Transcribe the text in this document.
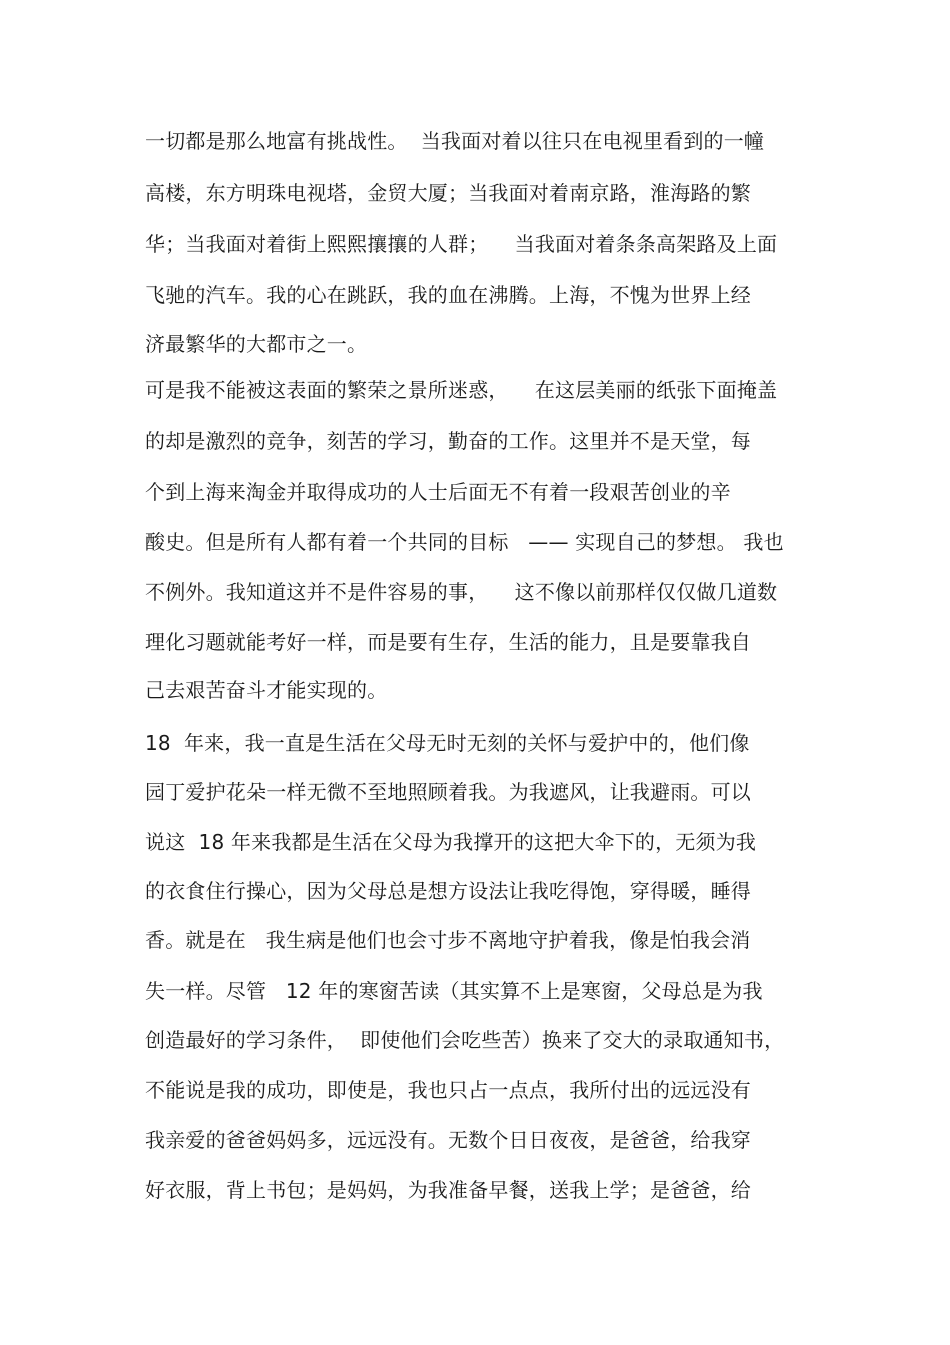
一切都是那么地富有挑战性。  当我面对着以往只在电视里看到的一幢
高楼，东方明珠电视塔，金贸大厦；当我面对着南京路，淮海路的繁
华；当我面对着街上熙熙攘攘的人群；    当我面对着条条高架路及上面
飞驰的汽车。我的心在跳跃，我的血在沸腾。上海，不愧为世界上经
济最繁华的大都市之一。
可是我不能被这表面的繁荣之景所迷惑，    在这层美丽的纸张下面掩盖
的却是激烈的竞争，刻苦的学习，勤奋的工作。这里并不是天堂，每
个到上海来淘金并取得成功的人士后面无不有着一段艰苦创业的辛
酸史。但是所有人都有着一个共同的目标   —— 实现自己的梦想。 我也
不例外。我知道这并不是件容易的事，    这不像以前那样仅仅做几道数
理化习题就能考好一样，而是要有生存，生活的能力，且是要靠我自
己去艰苦奋斗才能实现的。
18  年来，我一直是生活在父母无时无刻的关怀与爱护中的，他们像
园丁爱护花朵一样无微不至地照顾着我。为我遮风，让我避雨。可以
说这  18 年来我都是生活在父母为我撑开的这把大伞下的，无须为我
的衣食住行操心，因为父母总是想方设法让我吃得饱，穿得暖，睡得
香。就是在   我生病是他们也会寸步不离地守护着我，像是怕我会消
失一样。尽管   12 年的寒窗苦读（其实算不上是寒窗，父母总是为我
创造最好的学习条件，  即使他们会吃些苦）换来了交大的录取通知书，
不能说是我的成功，即使是，我也只占一点点，我所付出的远远没有
我亲爱的爸爸妈妈多，远远没有。无数个日日夜夜，是爸爸，给我穿
好衣服，背上书包；是妈妈，为我准备早餐，送我上学；是爸爸，给
